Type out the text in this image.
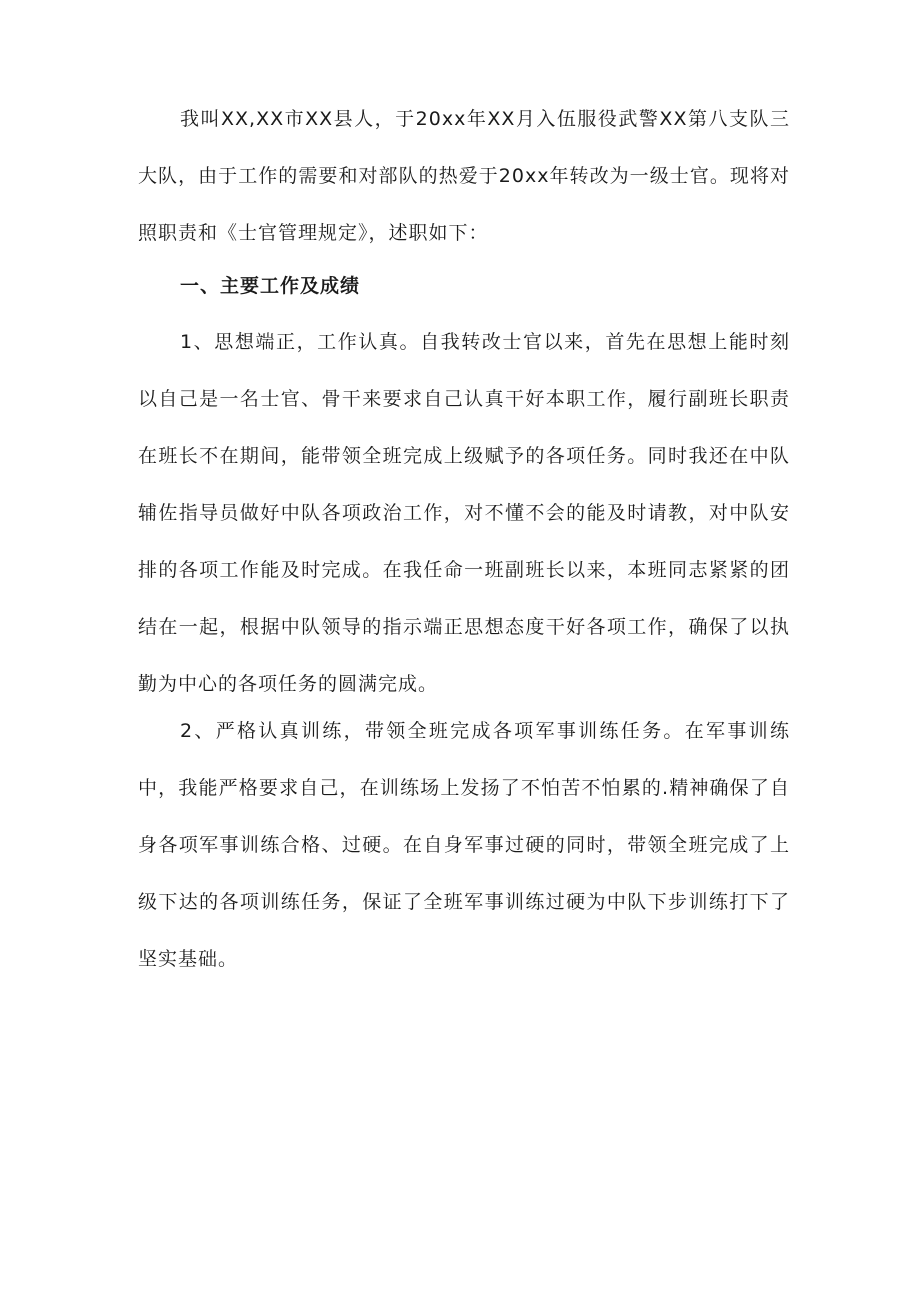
我叫XX,XX市XX县人，于20xx年XX月入伍服役武警XX第八支队三大队，由于工作的需要和对部队的热爱于20xx年转改为一级士官。现将对照职责和《士官管理规定》，述职如下：

一、主要工作及成绩

1、思想端正，工作认真。自我转改士官以来，首先在思想上能时刻以自己是一名士官、骨干来要求自己认真干好本职工作，履行副班长职责在班长不在期间，能带领全班完成上级赋予的各项任务。同时我还在中队辅佐指导员做好中队各项政治工作，对不懂不会的能及时请教，对中队安排的各项工作能及时完成。在我任命一班副班长以来，本班同志紧紧的团结在一起，根据中队领导的指示端正思想态度干好各项工作，确保了以执勤为中心的各项任务的圆满完成。

2、严格认真训练，带领全班完成各项军事训练任务。在军事训练中，我能严格要求自己，在训练场上发扬了不怕苦不怕累的.精神确保了自身各项军事训练合格、过硬。在自身军事过硬的同时，带领全班完成了上级下达的各项训练任务，保证了全班军事训练过硬为中队下步训练打下了坚实基础。
